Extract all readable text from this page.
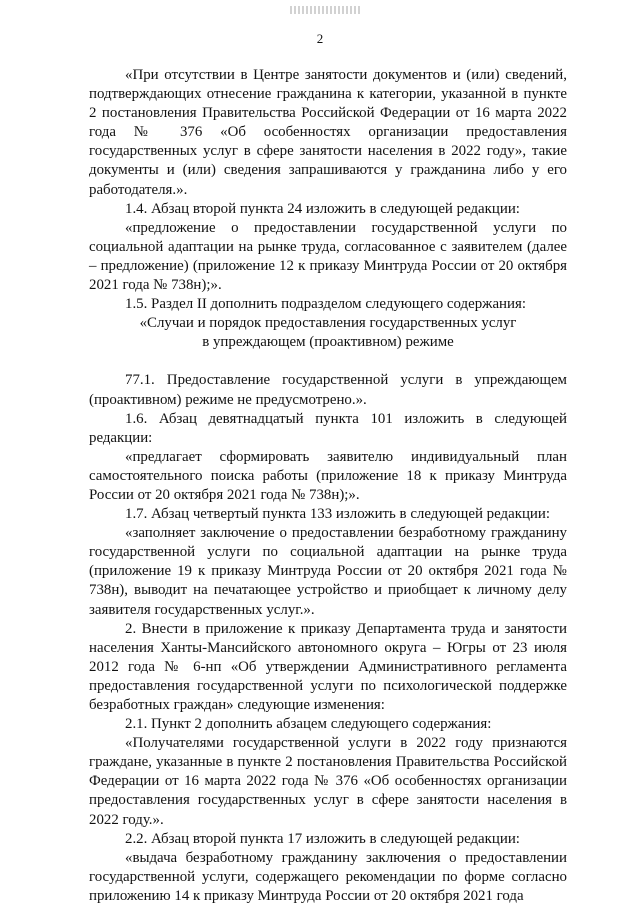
2

«При отсутствии в Центре занятости документов и (или) сведений, подтверждающих отнесение гражданина к категории, указанной в пункте 2 постановления Правительства Российской Федерации от 16 марта 2022 года № 376 «Об особенностях организации предоставления государственных услуг в сфере занятости населения в 2022 году», такие документы и (или) сведения запрашиваются у гражданина либо у его работодателя.».

1.4. Абзац второй пункта 24 изложить в следующей редакции:

«предложение о предоставлении государственной услуги по социальной адаптации на рынке труда, согласованное с заявителем (далее – предложение) (приложение 12 к приказу Минтруда России от 20 октября 2021 года № 738н);».

1.5. Раздел II дополнить подразделом следующего содержания:

«Случаи и порядок предоставления государственных услуг

в упреждающем (проактивном) режиме

77.1. Предоставление государственной услуги в упреждающем (проактивном) режиме не предусмотрено.».

1.6. Абзац девятнадцатый пункта 101 изложить в следующей редакции:

«предлагает сформировать заявителю индивидуальный план самостоятельного поиска работы (приложение 18 к приказу Минтруда России от 20 октября 2021 года № 738н);».

1.7. Абзац четвертый пункта 133 изложить в следующей редакции:

«заполняет заключение о предоставлении безработному гражданину государственной услуги по социальной адаптации на рынке труда (приложение 19 к приказу Минтруда России от 20 октября 2021 года № 738н), выводит на печатающее устройство и приобщает к личному делу заявителя государственных услуг.».

2. Внести в приложение к приказу Департамента труда и занятости населения Ханты-Мансийского автономного округа – Югры от 23 июля 2012 года № 6-нп «Об утверждении Административного регламента предоставления государственной услуги по психологической поддержке безработных граждан» следующие изменения:

2.1. Пункт 2 дополнить абзацем следующего содержания:

«Получателями государственной услуги в 2022 году признаются граждане, указанные в пункте 2 постановления Правительства Российской Федерации от 16 марта 2022 года № 376 «Об особенностях организации предоставления государственных услуг в сфере занятости населения в 2022 году.».

2.2. Абзац второй пункта 17 изложить в следующей редакции:

«выдача безработному гражданину заключения о предоставлении государственной услуги, содержащего рекомендации по форме согласно приложению 14 к приказу Минтруда России от 20 октября 2021 года
